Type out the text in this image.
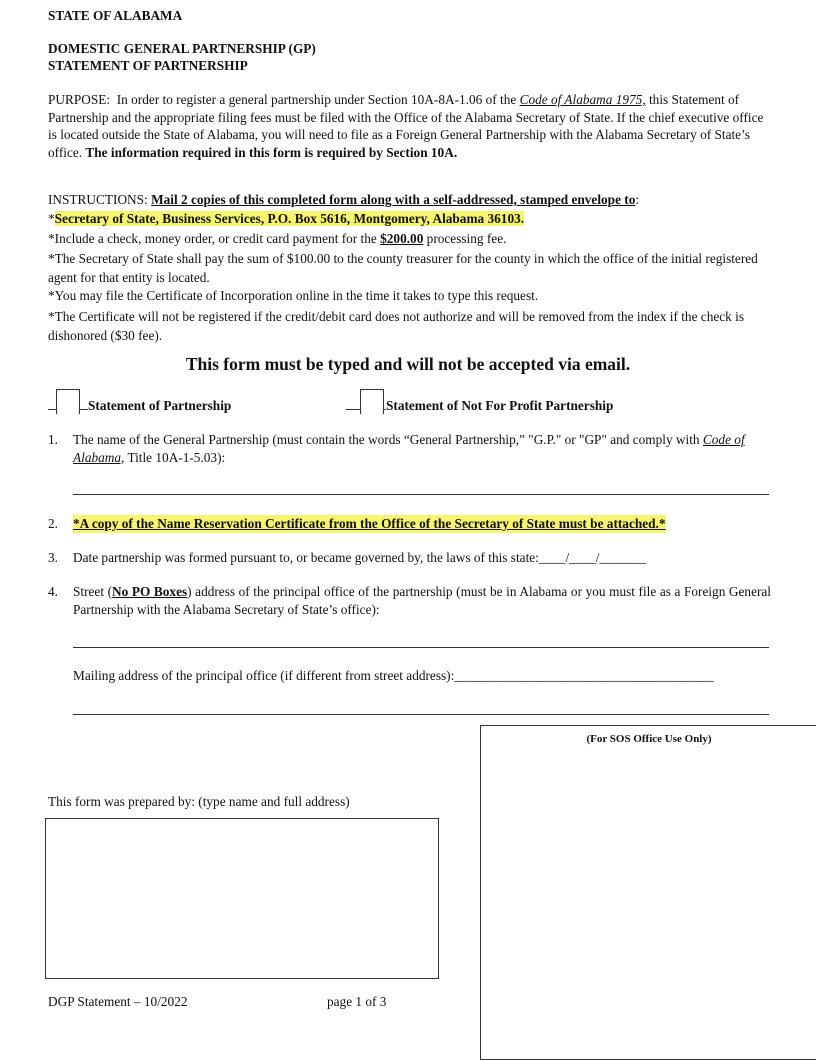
STATE OF ALABAMA

DOMESTIC GENERAL PARTNERSHIP (GP)

STATEMENT OF PARTNERSHIP

PURPOSE: In order to register a general partnership under Section 10A-8A-1.06 of the Code of Alabama 1975, this Statement of Partnership and the appropriate filing fees must be filed with the Office of the Alabama Secretary of State. If the chief executive office is located outside the State of Alabama, you will need to file as a Foreign General Partnership with the Alabama Secretary of State’s office. The information required in this form is required by Section 10A.

INSTRUCTIONS: Mail 2 copies of this completed form along with a self-addressed, stamped envelope to:

*Secretary of State, Business Services, P.O. Box 5616, Montgomery, Alabama 36103.

*Include a check, money order, or credit card payment for the $200.00 processing fee.

*The Secretary of State shall pay the sum of $100.00 to the county treasurer for the county in which the office of the initial registered agent for that entity is located.

*You may file the Certificate of Incorporation online in the time it takes to type this request.

*The Certificate will not be registered if the credit/debit card does not authorize and will be removed from the index if the check is dishonored ($30 fee).

This form must be typed and will not be accepted via email.

Statement of Partnership	Statement of Not For Profit Partnership
1. The name of the General Partnership (must contain the words “General Partnership,” "G.P." or "GP" and comply with Code of Alabama, Title 10A-1-5.03):

2. *A copy of the Name Reservation Certificate from the Office of the Secretary of State must be attached.*

3. Date partnership was formed pursuant to, or became governed by, the laws of this state:____/____/_______

4. Street (No PO Boxes) address of the principal office of the partnership (must be in Alabama or you must file as a Foreign General Partnership with the Alabama Secretary of State’s office):

Mailing address of the principal office (if different from street address):_______________________________________

(For SOS Office Use Only)

This form was prepared by: (type name and full address)

DGP Statement – 10/2022	page 1 of 3
